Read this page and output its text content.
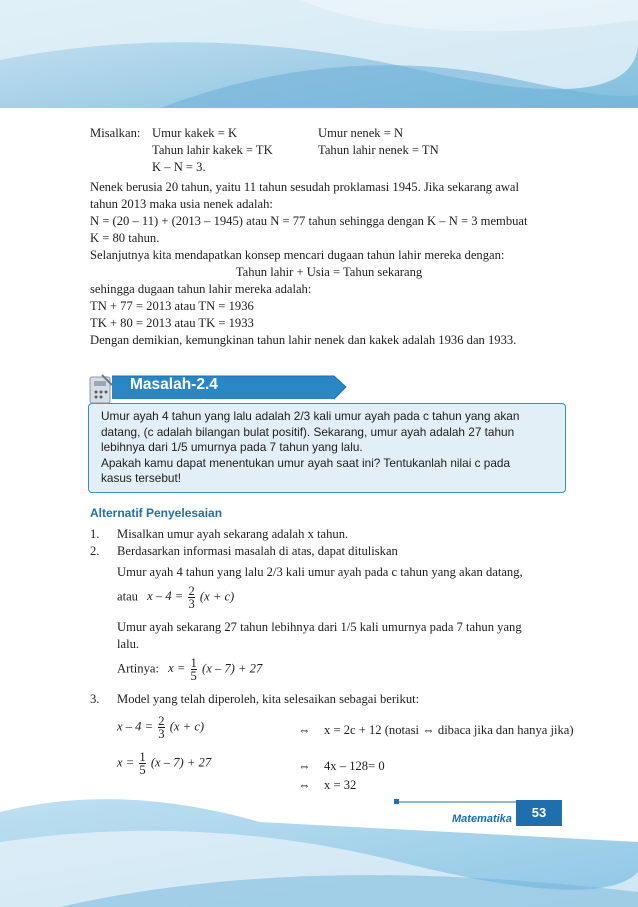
Misalkan: Umur kakek = K	Umur nenek = N
Tahun lahir kakek = TK	Tahun lahir nenek = TN
K – N = 3.
Nenek berusia 20 tahun, yaitu 11 tahun sesudah proklamasi 1945. Jika sekarang awal
tahun 2013 maka usia nenek adalah:
N = (20 – 11) + (2013 – 1945) atau N = 77 tahun sehingga dengan K – N = 3 membuat
K = 80 tahun.
Selanjutnya kita mendapatkan konsep mencari dugaan tahun lahir mereka dengan:
Tahun lahir + Usia = Tahun sekarang
sehingga dugaan tahun lahir mereka adalah:
TN + 77 = 2013 atau TN = 1936
TK + 80 = 2013 atau TK = 1933
Dengan demikian, kemungkinan tahun lahir nenek dan kakek adalah 1936 dan 1933.
Umur ayah 4 tahun yang lalu adalah 2/3 kali umur ayah pada c tahun yang akan
datang, (c adalah bilangan bulat positif). Sekarang, umur ayah adalah 27 tahun
lebihnya dari 1/5 umurnya pada 7 tahun yang lalu.
Apakah kamu dapat menentukan umur ayah saat ini? Tentukanlah nilai c pada
kasus tersebut!
Masalah-2.4
Alternatif Penyelesaian
1. Misalkan umur ayah sekarang adalah x tahun.
2. Berdasarkan informasi masalah di atas, dapat dituliskan
Umur ayah 4 tahun yang lalu 2/3 kali umur ayah pada c tahun yang akan datang,
atau $x - 4 = \frac{2}{3} (x + c)$
Umur ayah sekarang 27 tahun lebihnya dari 1/5 kali umurnya pada 7 tahun yang
lalu.
Artinya: $x = \frac{1}{5} (x - 7) + 27$
3. Model yang telah diperoleh, kita selesaikan sebagai berikut:
$x - 4 = \frac{2}{3} (x + c)$	⇔ x = 2c + 12 (notasi ⇔ dibaca jika dan hanya jika)
$x = \frac{1}{5} (x - 7) + 27$	⇔ 4x – 128= 0
⇔ x = 32
53
Matematika
